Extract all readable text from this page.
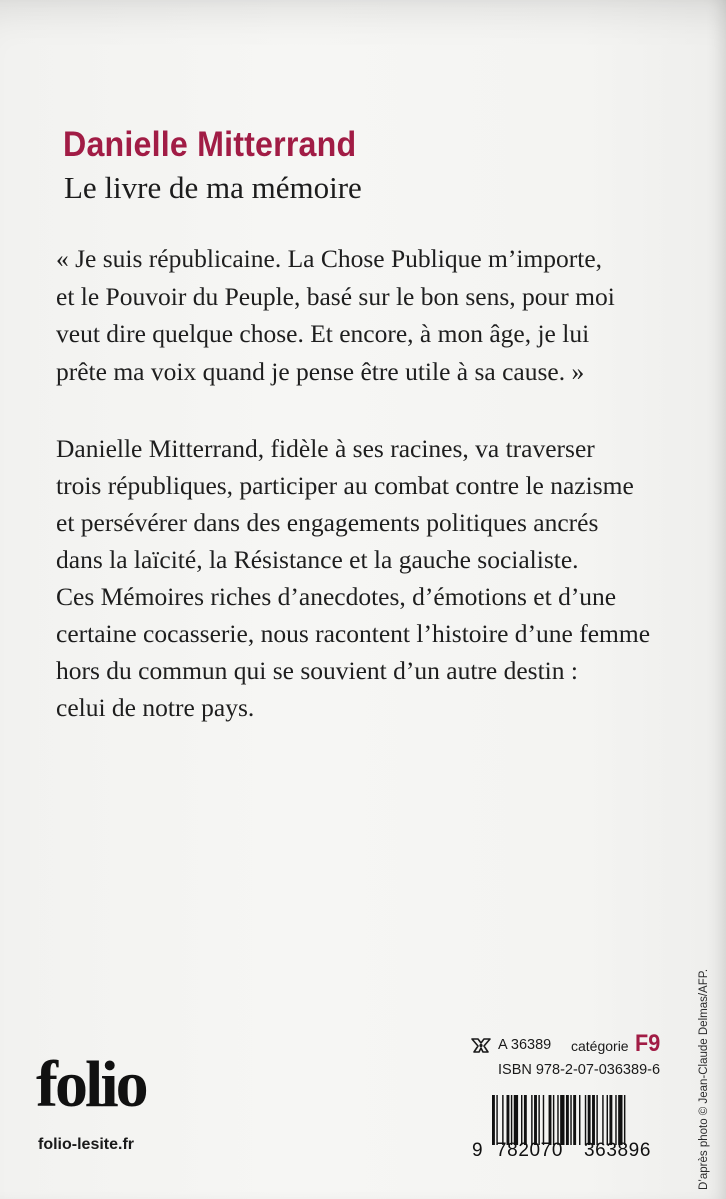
Danielle Mitterrand
Le livre de ma mémoire
« Je suis républicaine. La Chose Publique m’importe,
et le Pouvoir du Peuple, basé sur le bon sens, pour moi
veut dire quelque chose. Et encore, à mon âge, je lui
prête ma voix quand je pense être utile à sa cause. »
Danielle Mitterrand, fidèle à ses racines, va traverser
trois républiques, participer au combat contre le nazisme
et persévérer dans des engagements politiques ancrés
dans la laïcité, la Résistance et la gauche socialiste.
Ces Mémoires riches d’anecdotes, d’émotions et d’une
certaine cocasserie, nous racontent l’histoire d’une femme
hors du commun qui se souvient d’un autre destin :
celui de notre pays.
D’après photo © Jean-Claude Delmas/AFP.
folio
folio-lesite.fr
A 36389 catégorie F9
ISBN 978-2-07-036389-6
9 782070 363896
